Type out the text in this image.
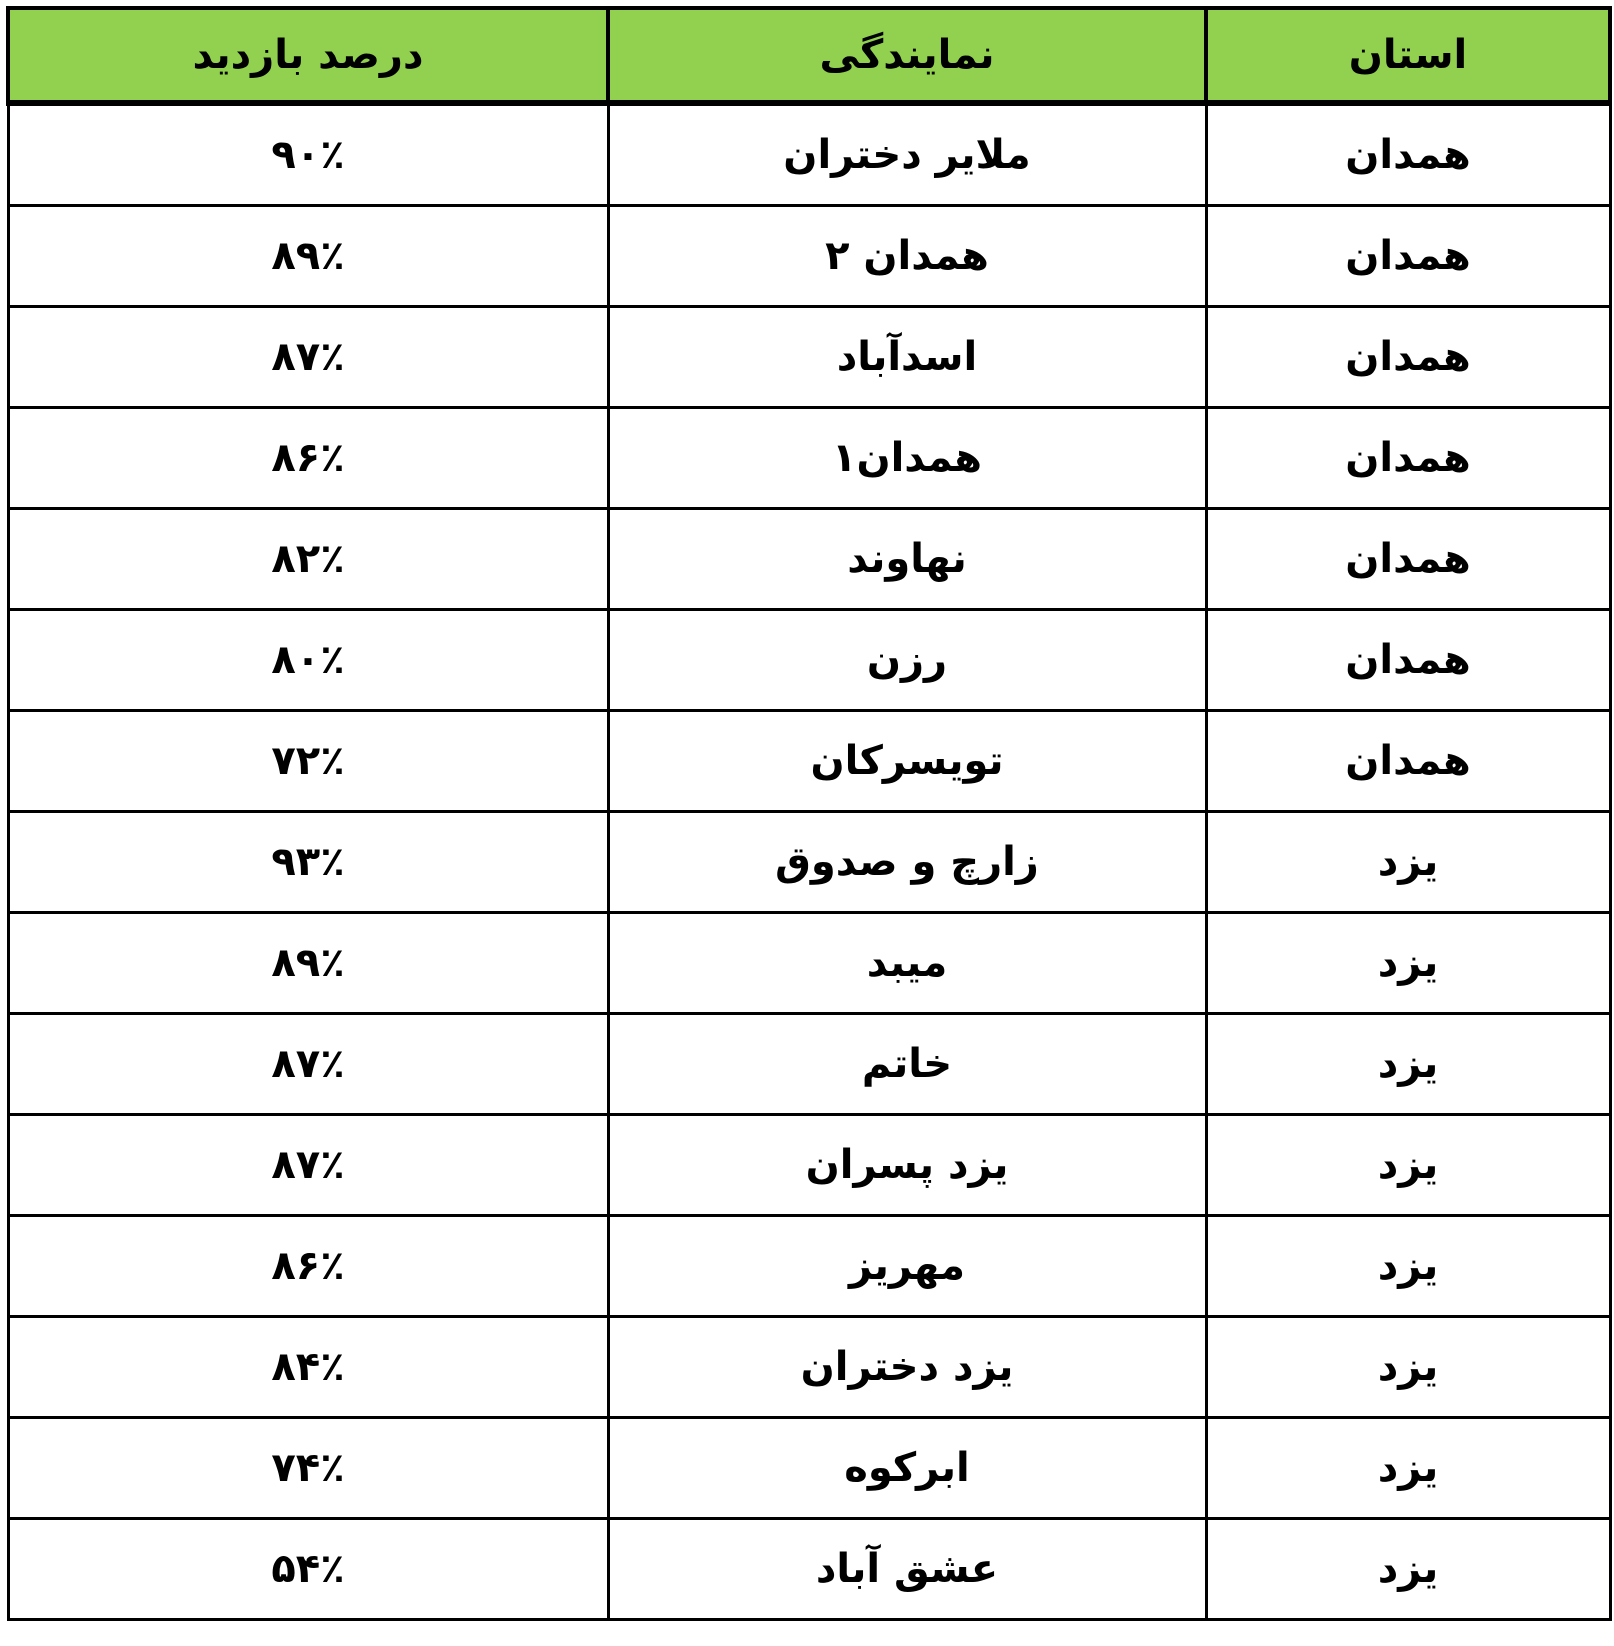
استان	نمایندگی	درصد بازدید
همدان	ملایر دختران	۹۰٪
همدان	همدان ۲	۸۹٪
همدان	اسدآباد	۸۷٪
همدان	همدان۱	۸۶٪
همدان	نهاوند	۸۲٪
همدان	رزن	۸۰٪
همدان	تویسرکان	۷۲٪
یزد	زارچ و صدوق	۹۳٪
یزد	میبد	۸۹٪
یزد	خاتم	۸۷٪
یزد	یزد پسران	۸۷٪
یزد	مهریز	۸۶٪
یزد	یزد دختران	۸۴٪
یزد	ابرکوه	۷۴٪
یزد	عشق آباد	۵۴٪
